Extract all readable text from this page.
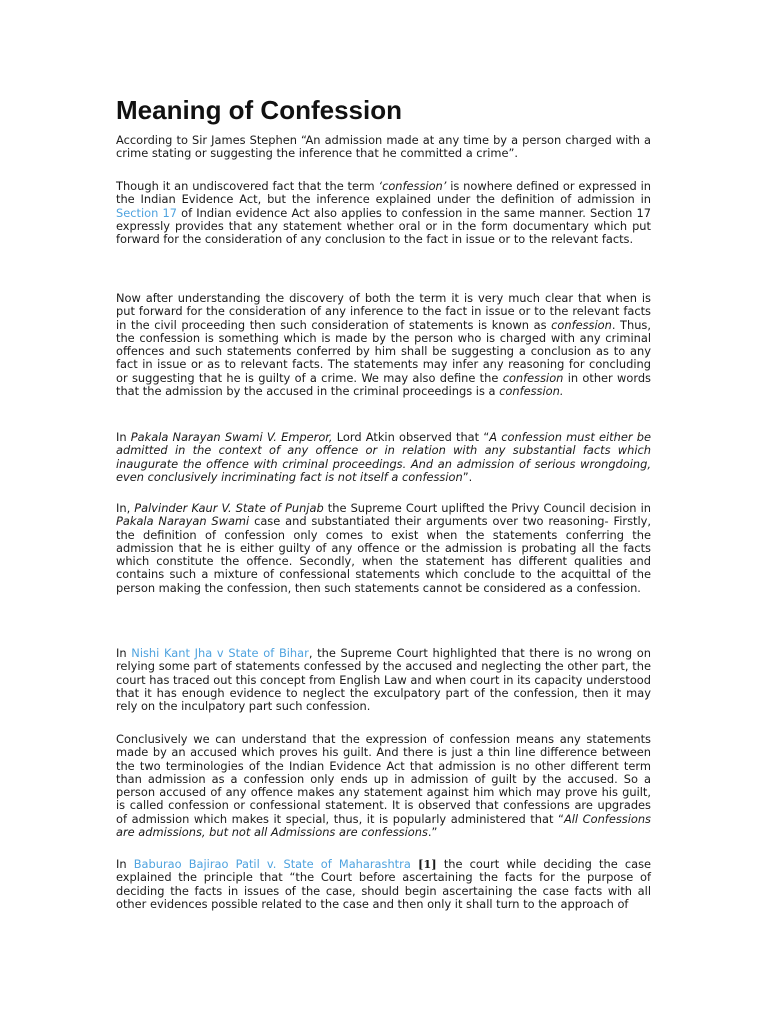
Meaning of Confession

According to Sir James Stephen “An admission made at any time by a person charged with a crime stating or suggesting the inference that he committed a crime”.

Though it an undiscovered fact that the term ‘confession’ is nowhere defined or expressed in the Indian Evidence Act, but the inference explained under the definition of admission in Section 17 of Indian evidence Act also applies to confession in the same manner. Section 17 expressly provides that any statement whether oral or in the form documentary which put forward for the consideration of any conclusion to the fact in issue or to the relevant facts.

Now after understanding the discovery of both the term it is very much clear that when is put forward for the consideration of any inference to the fact in issue or to the relevant facts in the civil proceeding then such consideration of statements is known as confession. Thus, the confession is something which is made by the person who is charged with any criminal offences and such statements conferred by him shall be suggesting a conclusion as to any fact in issue or as to relevant facts. The statements may infer any reasoning for concluding or suggesting that he is guilty of a crime. We may also define the confession in other words that the admission by the accused in the criminal proceedings is a confession.

In Pakala Narayan Swami V. Emperor, Lord Atkin observed that “A confession must either be admitted in the context of any offence or in relation with any substantial facts which inaugurate the offence with criminal proceedings. And an admission of serious wrongdoing, even conclusively incriminating fact is not itself a confession”.

In, Palvinder Kaur V. State of Punjab the Supreme Court uplifted the Privy Council decision in Pakala Narayan Swami case and substantiated their arguments over two reasoning- Firstly, the definition of confession only comes to exist when the statements conferring the admission that he is either guilty of any offence or the admission is probating all the facts which constitute the offence. Secondly, when the statement has different qualities and contains such a mixture of confessional statements which conclude to the acquittal of the person making the confession, then such statements cannot be considered as a confession.

In Nishi Kant Jha v State of Bihar, the Supreme Court highlighted that there is no wrong on relying some part of statements confessed by the accused and neglecting the other part, the court has traced out this concept from English Law and when court in its capacity understood that it has enough evidence to neglect the exculpatory part of the confession, then it may rely on the inculpatory part such confession.

Conclusively we can understand that the expression of confession means any statements made by an accused which proves his guilt. And there is just a thin line difference between the two terminologies of the Indian Evidence Act that admission is no other different term than admission as a confession only ends up in admission of guilt by the accused. So a person accused of any offence makes any statement against him which may prove his guilt, is called confession or confessional statement. It is observed that confessions are upgrades of admission which makes it special, thus, it is popularly administered that “All Confessions are admissions, but not all Admissions are confessions.”

In Baburao Bajirao Patil v. State of Maharashtra [1] the court while deciding the case explained the principle that “the Court before ascertaining the facts for the purpose of deciding the facts in issues of the case, should begin ascertaining the case facts with all other evidences possible related to the case and then only it shall turn to the approach of
